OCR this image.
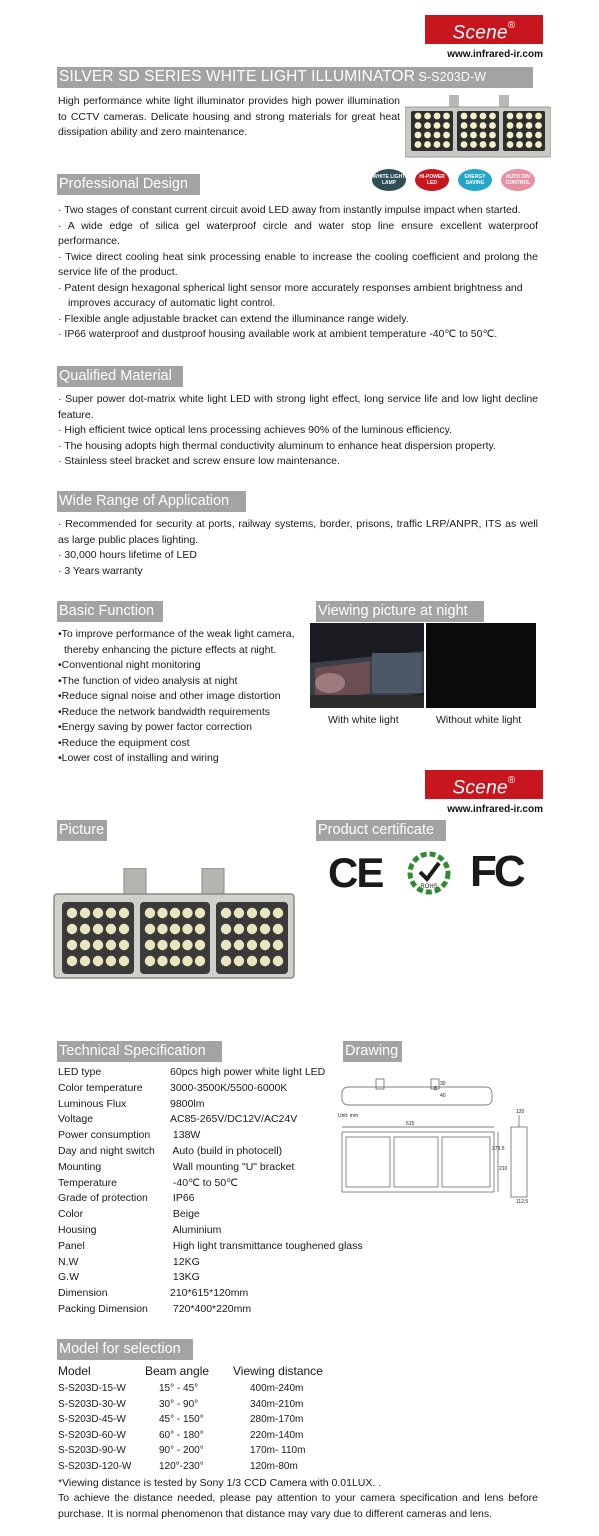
Scene®
www.infrared-ir.com
SILVER SD SERIES WHITE LIGHT ILLUMINATOR S-S203D-W

High performance white light illuminator provides high power illumination to CCTV cameras. Delicate housing and strong materials for great heat dissipation ability and zero maintenance.

WHITE LIGHT LAMP
HI-POWER LED
ENERGY SAVING
AUTO D/N CONTROL
Professional Design
· Two stages of constant current circuit avoid LED away from instantly impulse impact when started.
· A wide edge of silica gel waterproof circle and water stop line ensure excellent waterproof performance.
· Twice direct cooling heat sink processing enable to increase the cooling coefficient and prolong the service life of the product.
· Patent design hexagonal spherical light sensor more accurately responses ambient brightness and
improves accuracy of automatic light control.
· Flexible angle adjustable bracket can extend the illuminance range widely.
· IP66 waterproof and dustproof housing available work at ambient temperature -40℃ to 50℃.
Qualified Material
· Super power dot-matrix white light LED with strong light effect, long service life and low light decline feature.
· High efficient twice optical lens processing achieves 90% of the luminous efficiency.
· The housing adopts high thermal conductivity aluminum to enhance heat dispersion property.
· Stainless steel bracket and screw ensure low maintenance.
Wide Range of Application
· Recommended for security at ports, railway systems, border, prisons, traffic LRP/ANPR, ITS as well as large public places lighting.
· 30,000 hours lifetime of LED
· 3 Years warranty
Basic Function
•To improve performance of the weak light camera,
thereby enhancing the picture effects at night.
•Conventional night monitoring
•The function of video analysis at night
•Reduce signal noise and other image distortion
•Reduce the network bandwidth requirements
•Energy saving by power factor correction
•Reduce the equipment cost
•Lower cost of installing and wiring
Viewing picture at night
With white light	Without white light
Scene®
www.infrared-ir.com
Picture	Product certificate
CE	ROHS FC
Technical Specification	Drawing
LED type	60pcs high power white light LED
Color temperature	3000-3500K/5500-6000K
Luminous Flux	9800lm
Voltage	AC85-265V/DC12V/AC24V
Power consumption 138W
Day and night switch Auto (build in photocell)
Mounting	Wall mounting "U" bracket
Temperature	-40℃ to 50℃
Grade of protection IP66
Color	Beige
Housing	Aluminium
Panel	High light transmittance toughened glass
N.W	12KG
G.W	13KG
Dimension	210*615*120mm
Packing Dimension 720*400*220mm
Unit: mm
30
8
40
615
120
273.5
210
112.5
Model for selection
Model	Beam angle Viewing distance
S-S203D-15-W	15° - 45°	400m-240m
S-S203D-30-W	30° - 90°	340m-210m
S-S203D-45-W	45° - 150°	280m-170m
S-S203D-60-W	60° - 180°	220m-140m
S-S203D-90-W	90° - 200°	170m- 110m
S-S203D-120-W	120°-230°	120m-80m

*Viewing distance is tested by Sony 1/3 CCD Camera with 0.01LUX. .

To achieve the distance needed, please pay attention to your camera specification and lens before purchase. It is normal phenomenon that distance may vary due to different cameras and lens.
